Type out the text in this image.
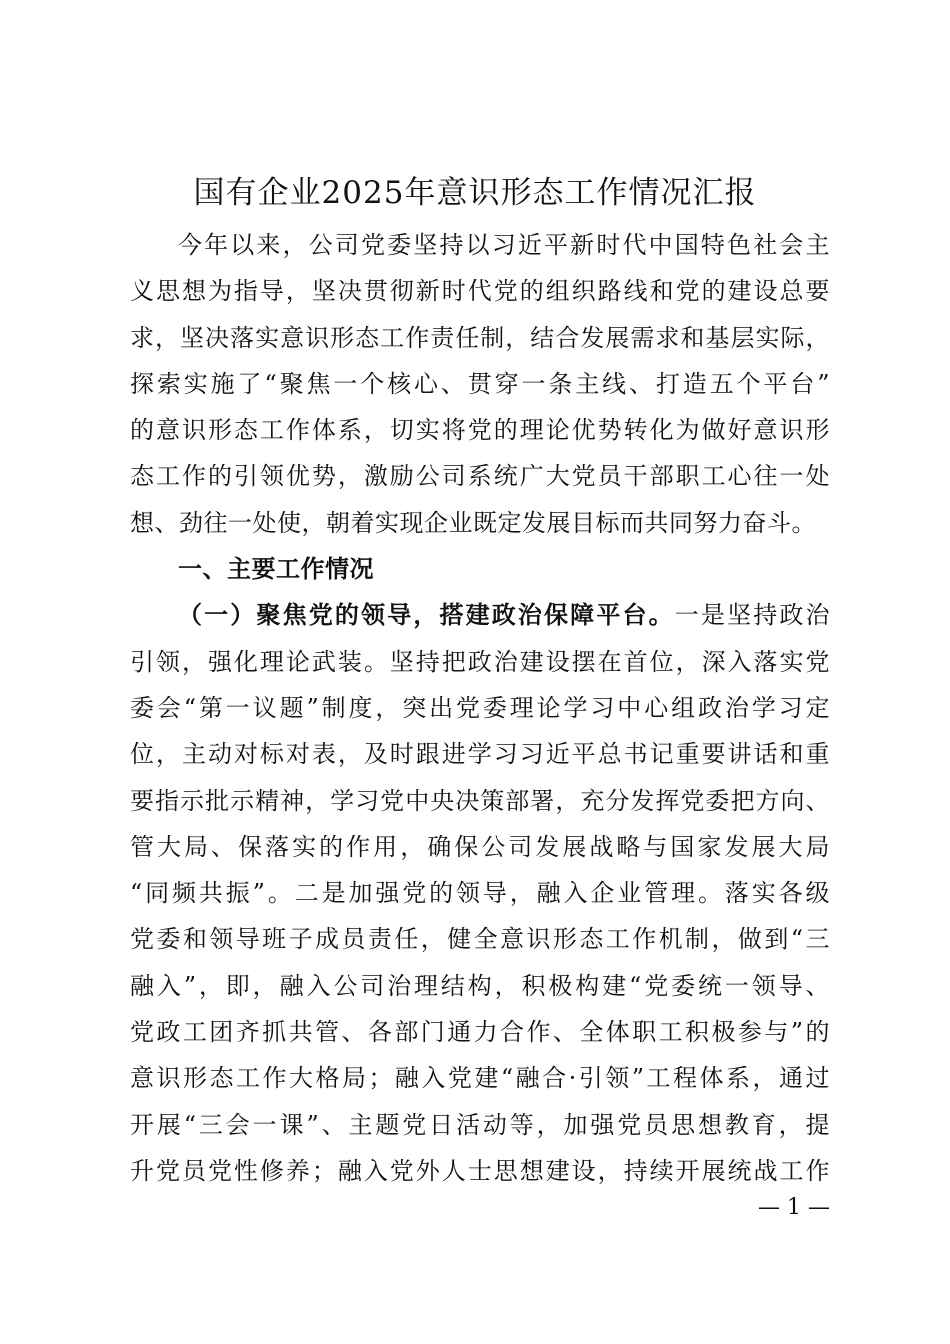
国有企业2025年意识形态工作情况汇报
今年以来，公司党委坚持以习近平新时代中国特色社会主
义思想为指导，坚决贯彻新时代党的组织路线和党的建设总要
求，坚决落实意识形态工作责任制，结合发展需求和基层实际，
探索实施了“聚焦一个核心、贯穿一条主线、打造五个平台”
的意识形态工作体系，切实将党的理论优势转化为做好意识形
态工作的引领优势，激励公司系统广大党员干部职工心往一处
想、劲往一处使，朝着实现企业既定发展目标而共同努力奋斗。
一、主要工作情况
（一）聚焦党的领导，搭建政治保障平台。一是坚持政治
引领，强化理论武装。坚持把政治建设摆在首位，深入落实党
委会“第一议题”制度，突出党委理论学习中心组政治学习定
位，主动对标对表，及时跟进学习习近平总书记重要讲话和重
要指示批示精神，学习党中央决策部署，充分发挥党委把方向、
管大局、保落实的作用，确保公司发展战略与国家发展大局
“同频共振”。二是加强党的领导，融入企业管理。落实各级
党委和领导班子成员责任，健全意识形态工作机制，做到“三
融入”，即，融入公司治理结构，积极构建“党委统一领导、
党政工团齐抓共管、各部门通力合作、全体职工积极参与”的
意识形态工作大格局；融入党建“融合·引领”工程体系，通过
开展“三会一课”、主题党日活动等，加强党员思想教育，提
升党员党性修养；融入党外人士思想建设，持续开展统战工作
— 1 —
